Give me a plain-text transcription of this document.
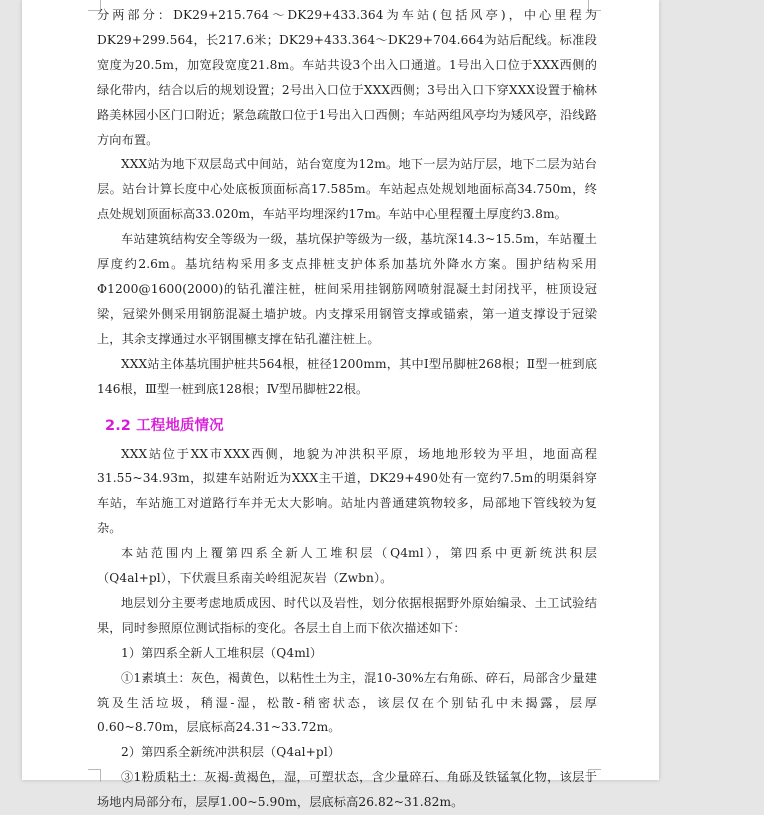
分两部分：DK29+215.764～DK29+433.364为车站(包括风亭)，中心里程为DK29+299.564，长217.6米；DK29+433.364～DK29+704.664为站后配线。标准段宽度为20.5m，加宽段宽度21.8m。车站共设3个出入口通道。1号出入口位于XXX西侧的绿化带内，结合以后的规划设置；2号出入口位于XXX西侧；3号出入口下穿XXX设置于榆林路美林园小区门口附近；紧急疏散口位于1号出入口西侧；车站两组风亭均为矮风亭，沿线路方向布置。

XXX站为地下双层岛式中间站，站台宽度为12m。地下一层为站厅层，地下二层为站台层。站台计算长度中心处底板顶面标高17.585m。车站起点处规划地面标高34.750m，终点处规划顶面标高33.020m，车站平均埋深约17m。车站中心里程覆土厚度约3.8m。

车站建筑结构安全等级为一级，基坑保护等级为一级，基坑深14.3~15.5m，车站覆土厚度约2.6m。基坑结构采用多支点排桩支护体系加基坑外降水方案。围护结构采用Φ1200@1600(2000)的钻孔灌注桩，桩间采用挂钢筋网喷射混凝土封闭找平，桩顶设冠梁，冠梁外侧采用钢筋混凝土墙护坡。内支撑采用钢管支撑或锚索，第一道支撑设于冠梁上，其余支撑通过水平钢围檩支撑在钻孔灌注桩上。

XXX站主体基坑围护桩共564根，桩径1200mm，其中Ⅰ型吊脚桩268根；Ⅱ型一桩到底146根，Ⅲ型一桩到底128根；Ⅳ型吊脚桩22根。

2.2 工程地质情况

XXX站位于XX市XXX西侧，地貌为冲洪积平原，场地地形较为平坦，地面高程31.55~34.93m，拟建车站附近为XXX主干道，DK29+490处有一宽约7.5m的明渠斜穿车站，车站施工对道路行车并无太大影响。站址内普通建筑物较多，局部地下管线较为复杂。

本站范围内上覆第四系全新人工堆积层（Q4ml），第四系中更新统洪积层（Q4al+pl），下伏震旦系南关岭组泥灰岩（Zwbn）。

地层划分主要考虑地质成因、时代以及岩性，划分依据根据野外原始编录、土工试验结果，同时参照原位测试指标的变化。各层土自上而下依次描述如下：

1）第四系全新人工堆积层（Q4ml）

①1素填土：灰色，褐黄色，以粘性土为主，混10-30%左右角砾、碎石，局部含少量建筑及生活垃圾，稍湿-湿，松散-稍密状态，该层仅在个别钻孔中未揭露，层厚0.60~8.70m，层底标高24.31~33.72m。

2）第四系全新统冲洪积层（Q4al+pl）

③1粉质粘土：灰褐-黄褐色，湿，可塑状态，含少量碎石、角砾及铁锰氧化物，该层于场地内局部分布，层厚1.00~5.90m，层底标高26.82~31.82m。
